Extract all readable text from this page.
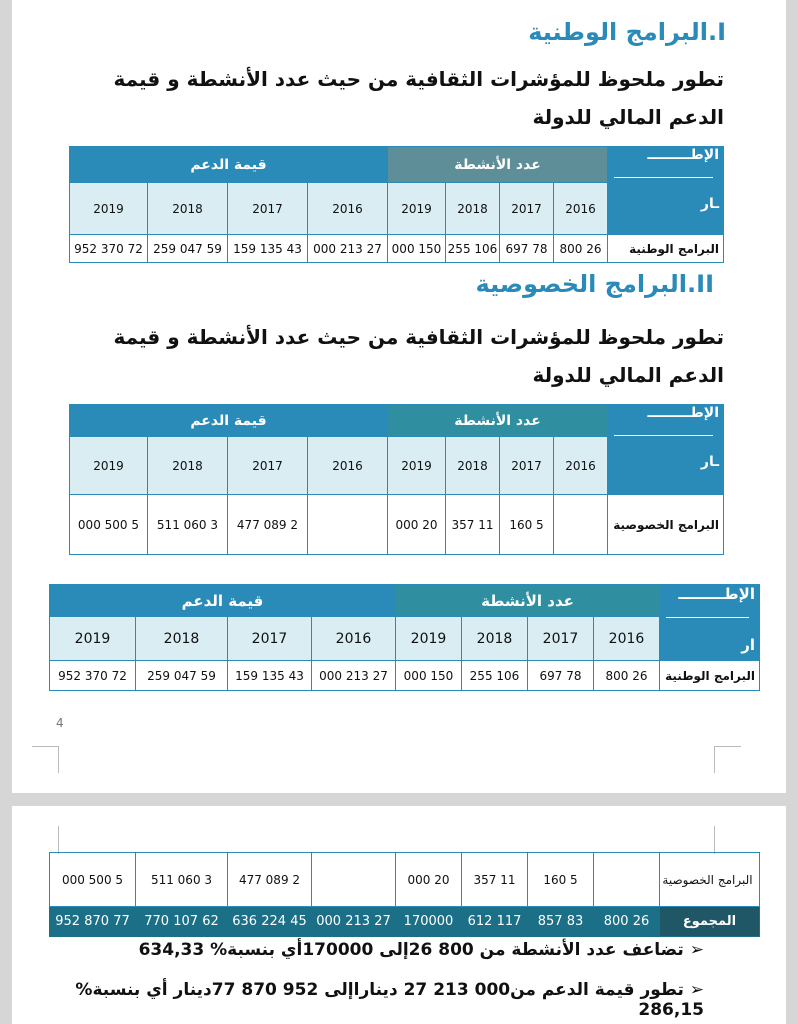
I.البرامج الوطنية
تطور ملحوظ للمؤشرات الثقافية من حيث عدد الأنشطة و قيمة الدعم المالي للدولة
الإطـــــــــ
ـار	عدد الأنشطة				قيمة الدعم			
	2016	2017	2018	2019	2016	2017	2018	2019
البرامج الوطنية	26 800	78 697	106 255	150 000	27 213 000	43 135 159	59 047 259	72 370 952
II.البرامج الخصوصية
تطور ملحوظ للمؤشرات الثقافية من حيث عدد الأنشطة و قيمة الدعم المالي للدولة
الإطـــــــــ
ـار	عدد الأنشطة				قيمة الدعم			
	2016	2017	2018	2019	2016	2017	2018	2019
البرامج الخصوصية		5 160	11 357	20 000		2 089 477	3 060 511	5 500 000
الإطـــــــــ
ار	عدد الأنشطة				قيمة الدعم			
	2016	2017	2018	2019	2016	2017	2018	2019
البرامج الوطنية	26 800	78 697	106 255	150 000	27 213 000	43 135 159	59 047 259	72 370 952
4
البرامج الخصوصية		5 160	11 357	20 000		2 089 477	3 060 511	5 500 000
المجموع	26 800	83 857	117 612	170000	27 213 000	45 224 636	62 107 770	77 870 952
➢ تضاعف عدد الأنشطة من 800 26إلى 170000أي بنسبة% 634,33
➢ تطور قيمة الدعم من000 213 27 ديناراإلى 952 870 77دينار أي بنسبة% 286,15
